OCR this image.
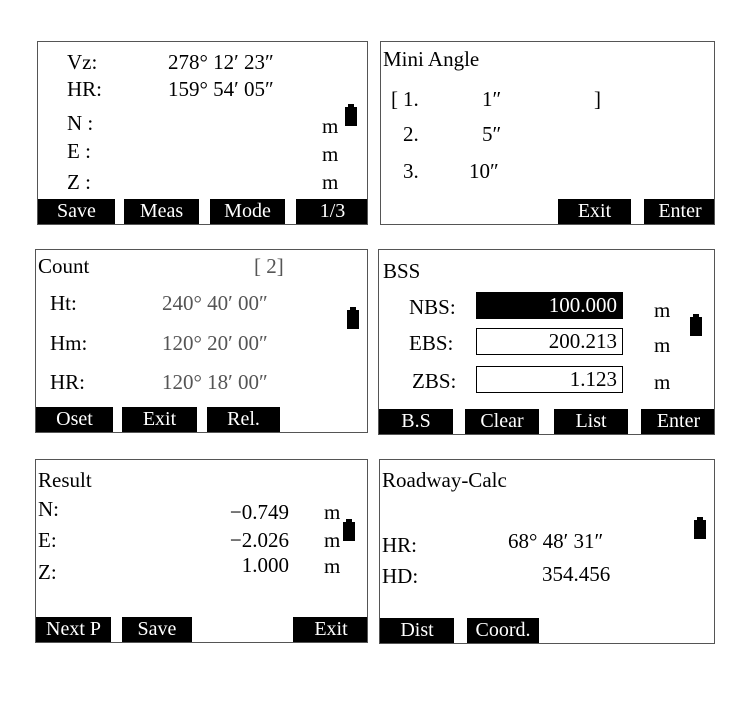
Vz:	278° 12′ 23″
HR:	159° 54′ 05″
N :	m
E :	m
Z :	m
Save	Meas	Mode	1/3
Mini Angle
[ 1.	1″	]
2.	5″
3. 10″
Exit	Enter
Count	[ 2]
Ht:	240° 40′ 00″
Hm:	120° 20′ 00″
HR:	120° 18′ 00″
Oset	Exit	Rel.
BSS
NBS:	100.000 m
EBS:	200.213 m
ZBS:	1.123 m
B.S	Clear	List	Enter
Result
N:	−0.749 m
E:	−2.026 m
Z:	1.000 m
Next P	Save	Exit
Roadway-Calc
HR:	68° 48′ 31″
HD:	354.456
Dist	Coord.
